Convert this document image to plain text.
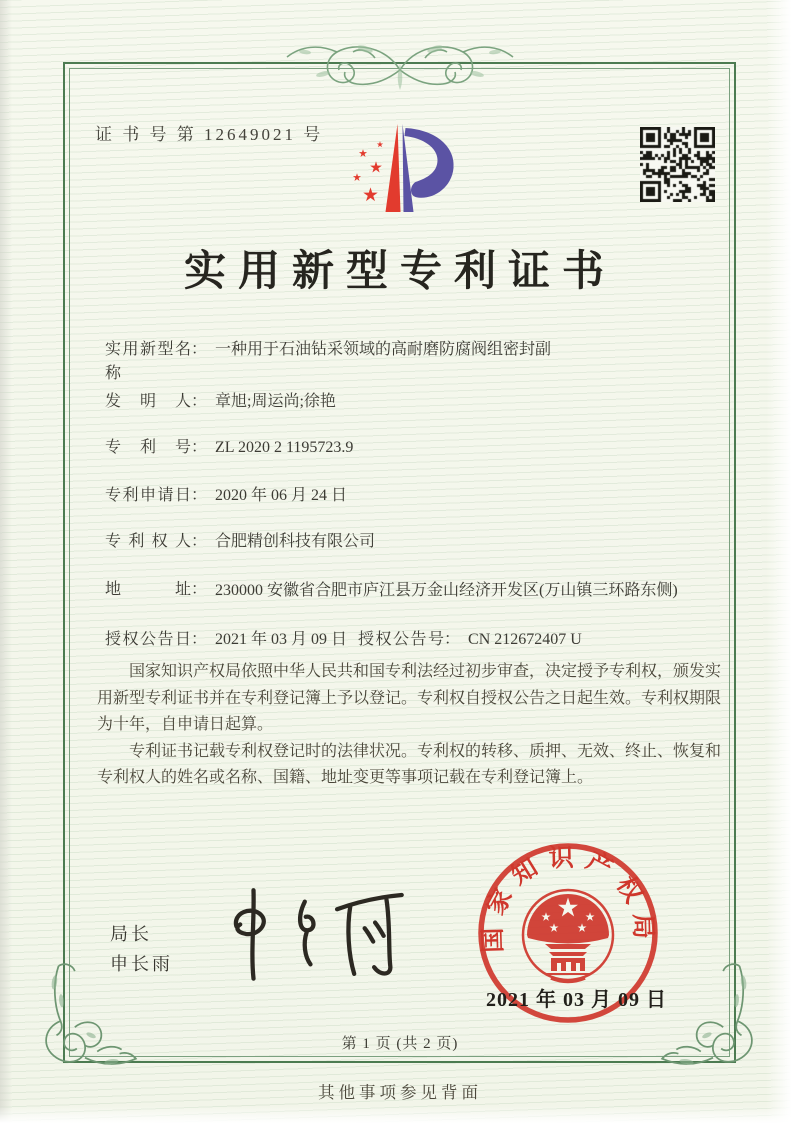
证 书 号 第 12649021 号
实用新型专利证书
实用新型名称
： 一种用于石油钻采领域的高耐磨防腐阀组密封副
发明人 ： 章旭;周运尚;徐艳
专利号 ： ZL 2020 2 1195723.9
专利申请日 ： 2020 年 06 月 24 日
专利权人 ： 合肥精创科技有限公司
地址 ： 230000 安徽省合肥市庐江县万金山经济开发区(万山镇三环路东侧)
授权公告日 ： 2021 年 03 月 09 日 授权公告号 ： CN 212672407 U

国家知识产权局依照中华人民共和国专利法经过初步审查，决定授予专利权，颁发实用新型专利证书并在专利登记簿上予以登记。专利权自授权公告之日起生效。专利权期限为十年，自申请日起算。

专利证书记载专利权登记时的法律状况。专利权的转移、质押、无效、终止、恢复和专利权人的姓名或名称、国籍、地址变更等事项记载在专利登记簿上。

局长
申长雨
国家知识产权局
2021 年 03 月 09 日
第 1 页 (共 2 页)
其他事项参见背面
